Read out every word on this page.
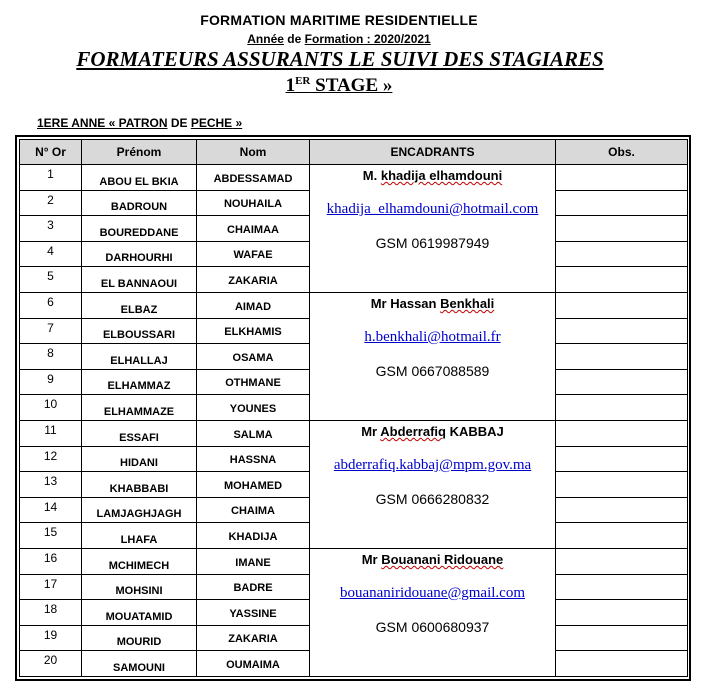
FORMATION MARITIME RESIDENTIELLE
Année de Formation : 2020/2021
FORMATEURS ASSURANTS LE SUIVI DES STAGIARES
1ER STAGE »
1ERE ANNE « PATRON DE PECHE »
N° Or	Prénom	Nom	ENCADRANTS	Obs.
1	ABOU EL BKIA	ABDESSAMAD	M. khadija elhamdouni
khadija_elhamdouni@hotmail.com
GSM 0619987949	

2	BADROUN	NOUHAILA		

3	BOUREDDANE	CHAIMAA		

4	DARHOURHI	WAFAE		

5	EL BANNAOUI	ZAKARIA		

6	ELBAZ	AIMAD	Mr Hassan Benkhali
h.benkhali@hotmail.fr
GSM 0667088589	

7	ELBOUSSARI	ELKHAMIS		

8	ELHALLAJ	OSAMA		

9	ELHAMMAZ	OTHMANE		

10	ELHAMMAZE	YOUNES		

11	ESSAFI	SALMA	Mr Abderrafiq KABBAJ
abderrafiq.kabbaj@mpm.gov.ma
GSM 0666280832	

12	HIDANI	HASSNA		

13	KHABBABI	MOHAMED		

14	LAMJAGHJAGH	CHAIMA		

15	LHAFA	KHADIJA		

16	MCHIMECH	IMANE	Mr Bouanani Ridouane
bouananiridouane@gmail.com
GSM 0600680937	

17	MOHSINI	BADRE		

18	MOUATAMID	YASSINE		

19	MOURID	ZAKARIA		

20	SAMOUNI	OUMAIMA		
